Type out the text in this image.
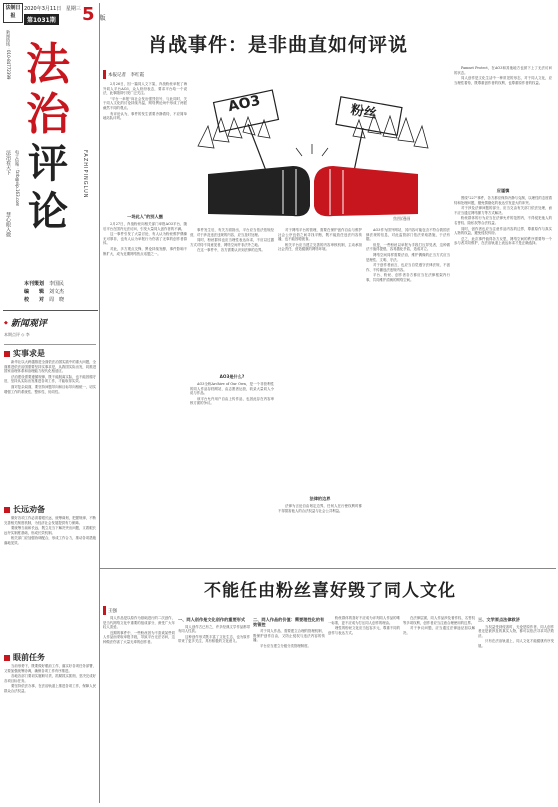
法制日报
2020年3月11日 星期三
第1031期 5 版
新闻热线：010-84772399
电子信箱：fzrb@vip.163.com
法治看天下
慧心眼入微
法
治
评
论
FAZHIPINGLUN
本刊策划　 李国民
编　　辑　 刘文杰
校　　对　 周　晓
◆ 新闻观评
本期点评 ◇ 李
实事求是

新华社以大跨越推进全面依法治国实践中的重大问题，全面推进依法治国需要坚持实事求是，从我国实际出发，同推进国家治理体系和治理能力现代化相适应。

法治建设需要遵循规律，既不能脱离实际，也不能因循守旧，坚持从实际出发推进各项工作，才能取得实效。

面对复杂局面，要坚持问题导向和目标导向相统一，切实增强工作的系统性、整体性、协同性。

长远劝备

做好各项工作必须着眼长远，统筹谋划，把握规律，不断完善相关制度机制，为经济社会发展提供有力保障。

要统筹当前和长远，既立足当下解决突出问题，又着眼长远夯实制度基础，形成长效机制。

相关部门应加强协调配合，形成工作合力，推动各项措施落地见效。

眼前任务

当前形势下，既要做好眼前工作，落实好各项任务部署，又要加强统筹协调，确保各项工作有序推进。

各地各部门要切实履职尽责，抓紧抓实抓细，坚决完成好各项目标任务。

要坚持依法办事，在法治轨道上推进各项工作，保障人民群众合法权益。

肖战事件：是非曲直如何评说
本报记者　李红霞
AO3	粉丝
焦图/漫画

2月26日，因一篇同人文下架，肖战粉丝举报了海外同人平台AO3，众人纷纷表态，要求平台给一个说法，此事随即引发广泛关注。

"平台一举报"向社会发出强烈信号，与此同时，关于同人文化的讨论持续升温，网络舆论场中形成了两派截然不同的观点。

有评论认为，事件的发生需要冷静看待，不应简单地站队评判。

一场此人"的别人圈

2月27日，肖战粉丝向相关部门举报AO3平台，随后平台在国内无法访问，引发大量同人创作者的不满。

这一事件引发了大量讨论，有人认为粉丝维护偶像无可厚非，也有人认为举报行为伤害了无辜的创作者群体。

对此，多方观点交锋，舆论持续发酵，事件影响不断扩大，成为近期网络热点话题之一。

事件发生后，有关方面指出，平台应当依法依规经营，对于涉及违法违规的内容，应当及时处理。

同时，粉丝群体也应当理性表达诉求，不应以过激方式对待不同意见者，网络空间并非法外之地。

在这一事件中，各方需要认识到法律的边界。

AO3是什么?

AO3全称Archive of Our Own，是一个非营利性的同人作品存档网站，由志愿者运营，收录大量同人小说与作品。

该平台允许用户自由上传作品，也因此存在内容审核方面的争议。

对于网络平台的管理，需要在保护创作自由与维护社会公序良俗之间寻找平衡，既不能放任违法内容传播，也不能因噎废食。

相关平台应当建立完善的内容审核机制，主动承担社会责任，营造健康的网络环境。

法律的边界

法律为言论自由划定边界，任何人在行使权利时都不得损害他人的合法权益与社会公共利益。

AO3作为国外网站，其内容可能包含不符合我国法律法规的信息，对此监管部门依法采取措施，于法有据。

但是，一些粉丝以举报为手段打压异见者，这种做法不值得提倡，容易激化矛盾，造成对立。

网络空间同样需要法治，维护偶像的正当方式应当是理性、文明、守法。

对于创作者而言，也应当自觉遵守法律法规，不创作、不传播违法违规内容。

平台、粉丝、创作者各方都应当在法律框架内行事，共同维护清朗的网络空间。

Pamnet Protect，在AO3和其他地方也被下上了无法访问的状态。

同人创作是文化生活中一种常见的形态，对于同人文化，应当理性看待，既尊重创作者的权利，也尊重原作者的权益。

应谨慎

围绕"227"事件，各方都应保持冷静与克制，以理性的态度看待和处理问题，避免情绪化的表达引发更大的冲突。

对于涉及法律问题的部分，应当交由有关部门依法处理，而不应当通过网络暴力等方式解决。

粉丝群体的行为应当在法律允许的范围内，不得侵犯他人的名誉权、隐私权等合法权益。

同时，创作者也应当注意作品内容的边界，尊重原作与真实人物的权益，避免侵权纠纷。

总之，此次事件值得各方反思，网络空间的秩序需要每一个参与者共同维护，在法治轨道上表达诉求才是正确选择。

不能任由粉丝喜好毁了同人文化
王强

同人作品是以原作为基础进行的二次创作，是当代网络文化中重要的组成部分，深受广大年轻人喜爱。

近期的事件中，一些粉丝因为不喜欢某些同人作品而采取举报手段，导致平台无法访问，这种做法伤害了大量无辜的创作者。

一、同人创作是文化创作的重要形式

同人创作古已有之，许多经典文学作品都带有同人性质。

这种创作形式既丰富了文化生态，也为原作带来了更多关注，具有积极的文化意义。

二、同人作品的价值：需要理性化的有效管控

对于同人作品，需要建立合理的管理机制，既保护创作自由，又防止侵权与违法内容的传播。

平台应当建立分级分类管理制度。

粉丝群体的喜好不应成为评判同人作品的唯一标准，更不应成为打压同人创作的理由。

理性的粉丝文化应当包容多元，尊重不同的创作与表达方式。

在法律层面，同人作品涉及著作权、名誉权等多项权利，创作者应当注意合理使用的边界。

对于争议问题，应当通过法律途径加以解决。

三、文学原点法律救济

当权益受到侵害时，无论是原作者、同人创作者还是被涉及的真实人物，都可以依法寻求司法救济。

只有在法治轨道上，同人文化才能健康有序发展。
